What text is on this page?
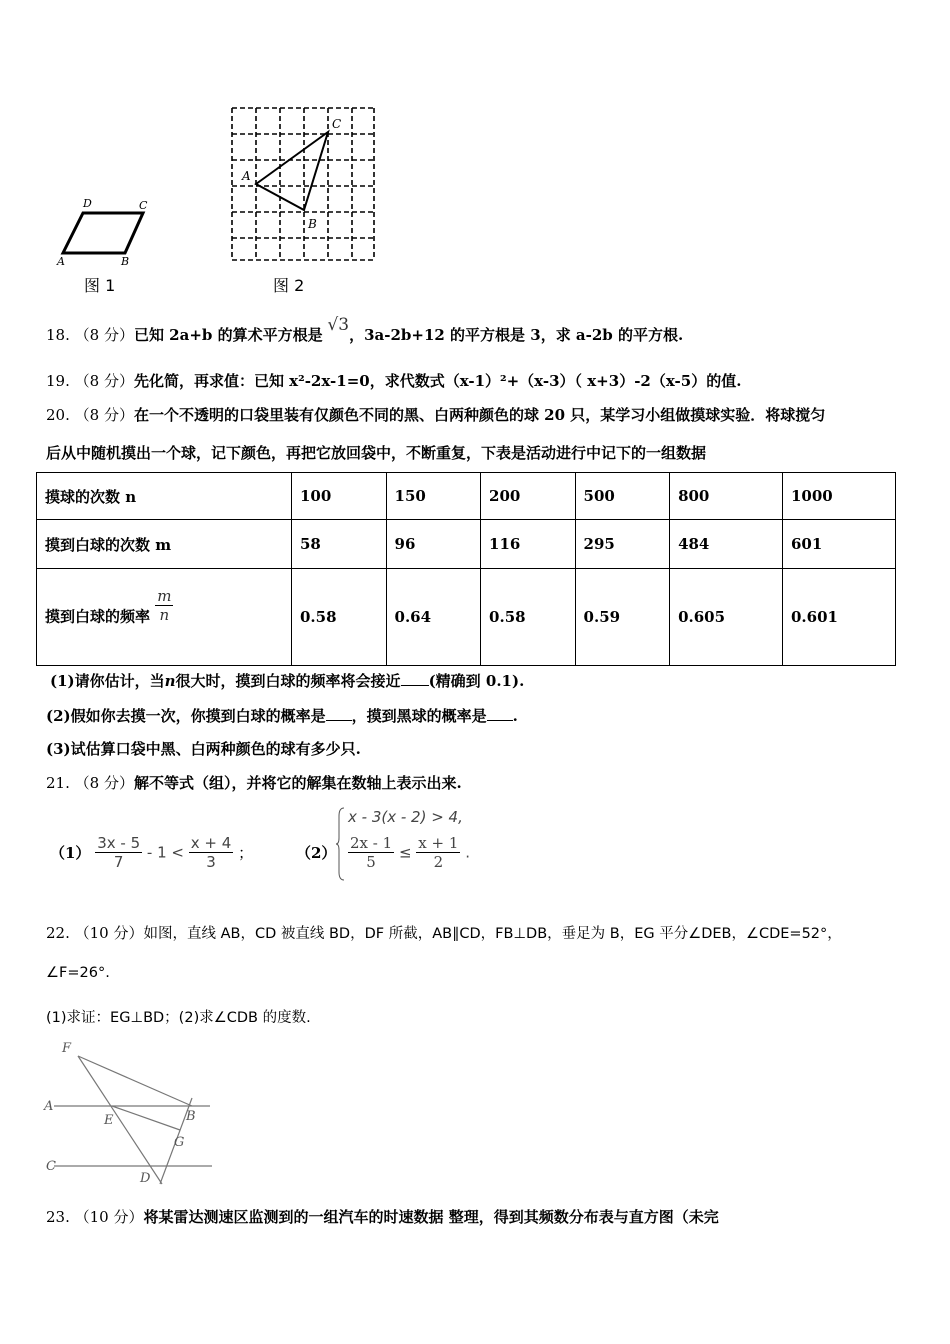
D	C
A	B
图 1
A
B
C
图 2
18. （8 分）已知 2a+b 的算术平方根是 √3，3a-2b+12 的平方根是 3，求 a-2b 的平方根.
19. （8 分）先化简，再求值：已知 x²-2x-1=0，求代数式（x-1）²+（x-3）（ x+3）-2（x-5）的值.
20. （8 分）在一个不透明的口袋里装有仅颜色不同的黑、白两种颜色的球 20 只，某学习小组做摸球实验．将球搅匀
后从中随机摸出一个球，记下颜色，再把它放回袋中，不断重复，下表是活动进行中记下的一组数据
摸球的次数 n	100	150	200	500	800	1000
摸到白球的次数 m	58	96	116	295	484	601
摸到白球的频率 $\frac{m}{n}$	0.58	0.64	0.58	0.59	0.605	0.601
(1)请你估计，当n很大时，摸到白球的频率将会接近 (精确到 0.1).
(2)假如你去摸一次，你摸到白球的概率是 ，摸到黑球的概率是 .
(3)试估算口袋中黑、白两种颜色的球有多少只.
21. （8 分）解不等式（组），并将它的解集在数轴上表示出来.
$(1) \frac{3x - 5}{7} - 1 < \frac{x + 4}{3}$ ；	（2）
x - 3(x - 2) > 4,
$\frac{2x - 1}{5} \le \frac{x + 1}{2}$ .
22. （10 分）如图，直线 AB，CD 被直线 BD，DF 所截，AB∥CD，FB⊥DB，垂足为 B，EG 平分∠DEB，∠CDE=52°，
∠F=26°.
(1)求证：EG⊥BD；(2)求∠CDB 的度数.
F
A
E	B
G
C
D
23. （10 分）将某雷达测速区监测到的一组汽车的时速数据 整理，得到其频数分布表与直方图（未完
